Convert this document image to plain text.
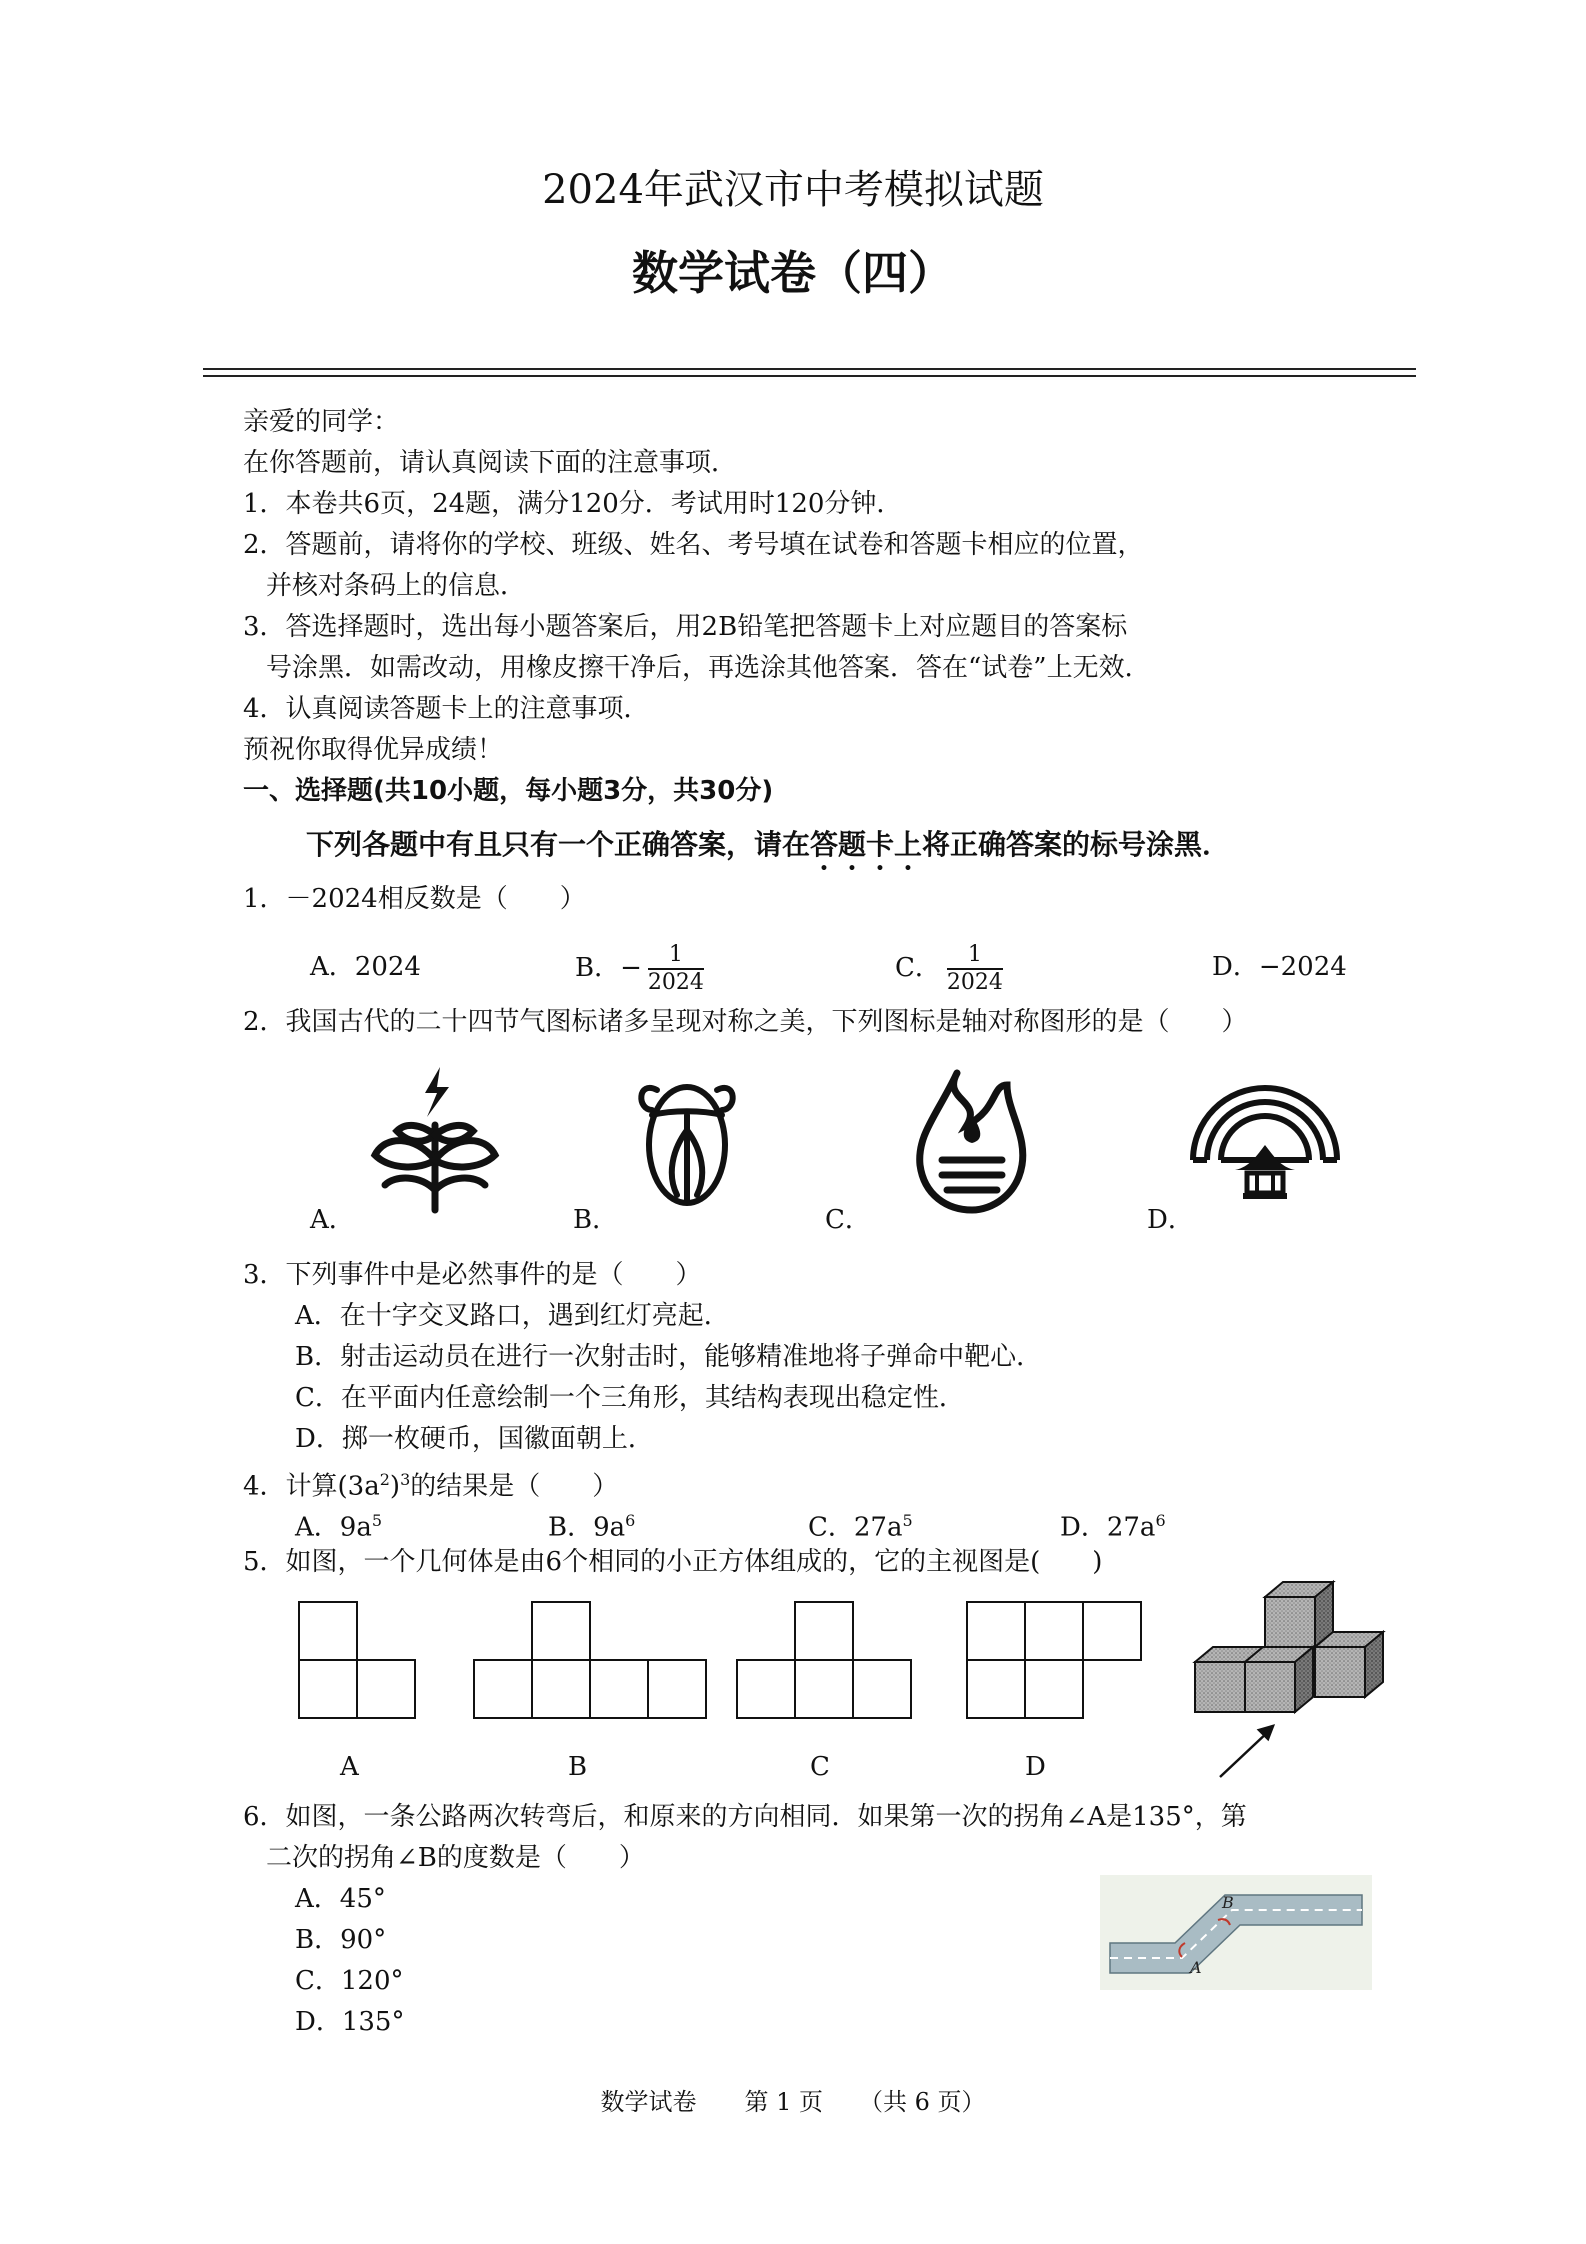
2024年武汉市中考模拟试题
数学试卷（四）
亲爱的同学：
在你答题前，请认真阅读下面的注意事项．
1．本卷共6页，24题，满分120分．考试用时120分钟．
2．答题前，请将你的学校、班级、姓名、考号填在试卷和答题卡相应的位置，
并核对条码上的信息．
3．答选择题时，选出每小题答案后，用2B铅笔把答题卡上对应题目的答案标
号涂黑．如需改动，用橡皮擦干净后，再选涂其他答案．答在“试卷”上无效．
4．认真阅读答题卡上的注意事项．
预祝你取得优异成绩！
一、选择题(共10小题，每小题3分，共30分)
下列各题中有且只有一个正确答案，请在答题卡上将正确答案的标号涂黑．
1．－2024相反数是（　　）
A．2024	B．− $\frac{1}{2024}$	C． $\frac{1}{2024}$	D．−2024
2．我国古代的二十四节气图标诸多呈现对称之美，下列图标是轴对称图形的是（　　）
A．	B．	C．	D．
3．下列事件中是必然事件的是（　　）
A．在十字交叉路口，遇到红灯亮起．
B．射击运动员在进行一次射击时，能够精准地将子弹命中靶心．
C．在平面内任意绘制一个三角形，其结构表现出稳定性．
D．掷一枚硬币，国徽面朝上．
4．计算$(3a^2)^3$的结果是（　　）
A．$9a^5$	B．$9a^6$	C．$27a^5$	D．$27a^6$
5．如图，一个几何体是由6个相同的小正方体组成的，它的主视图是(　　)
A	B	C	D
6．如图，一条公路两次转弯后，和原来的方向相同．如果第一次的拐角∠A是135°，第
二次的拐角∠B的度数是（　　）
A．45°
B．90°
C．120°
D．135°
B
A
数学试卷　　第 1 页　　（共 6 页）
